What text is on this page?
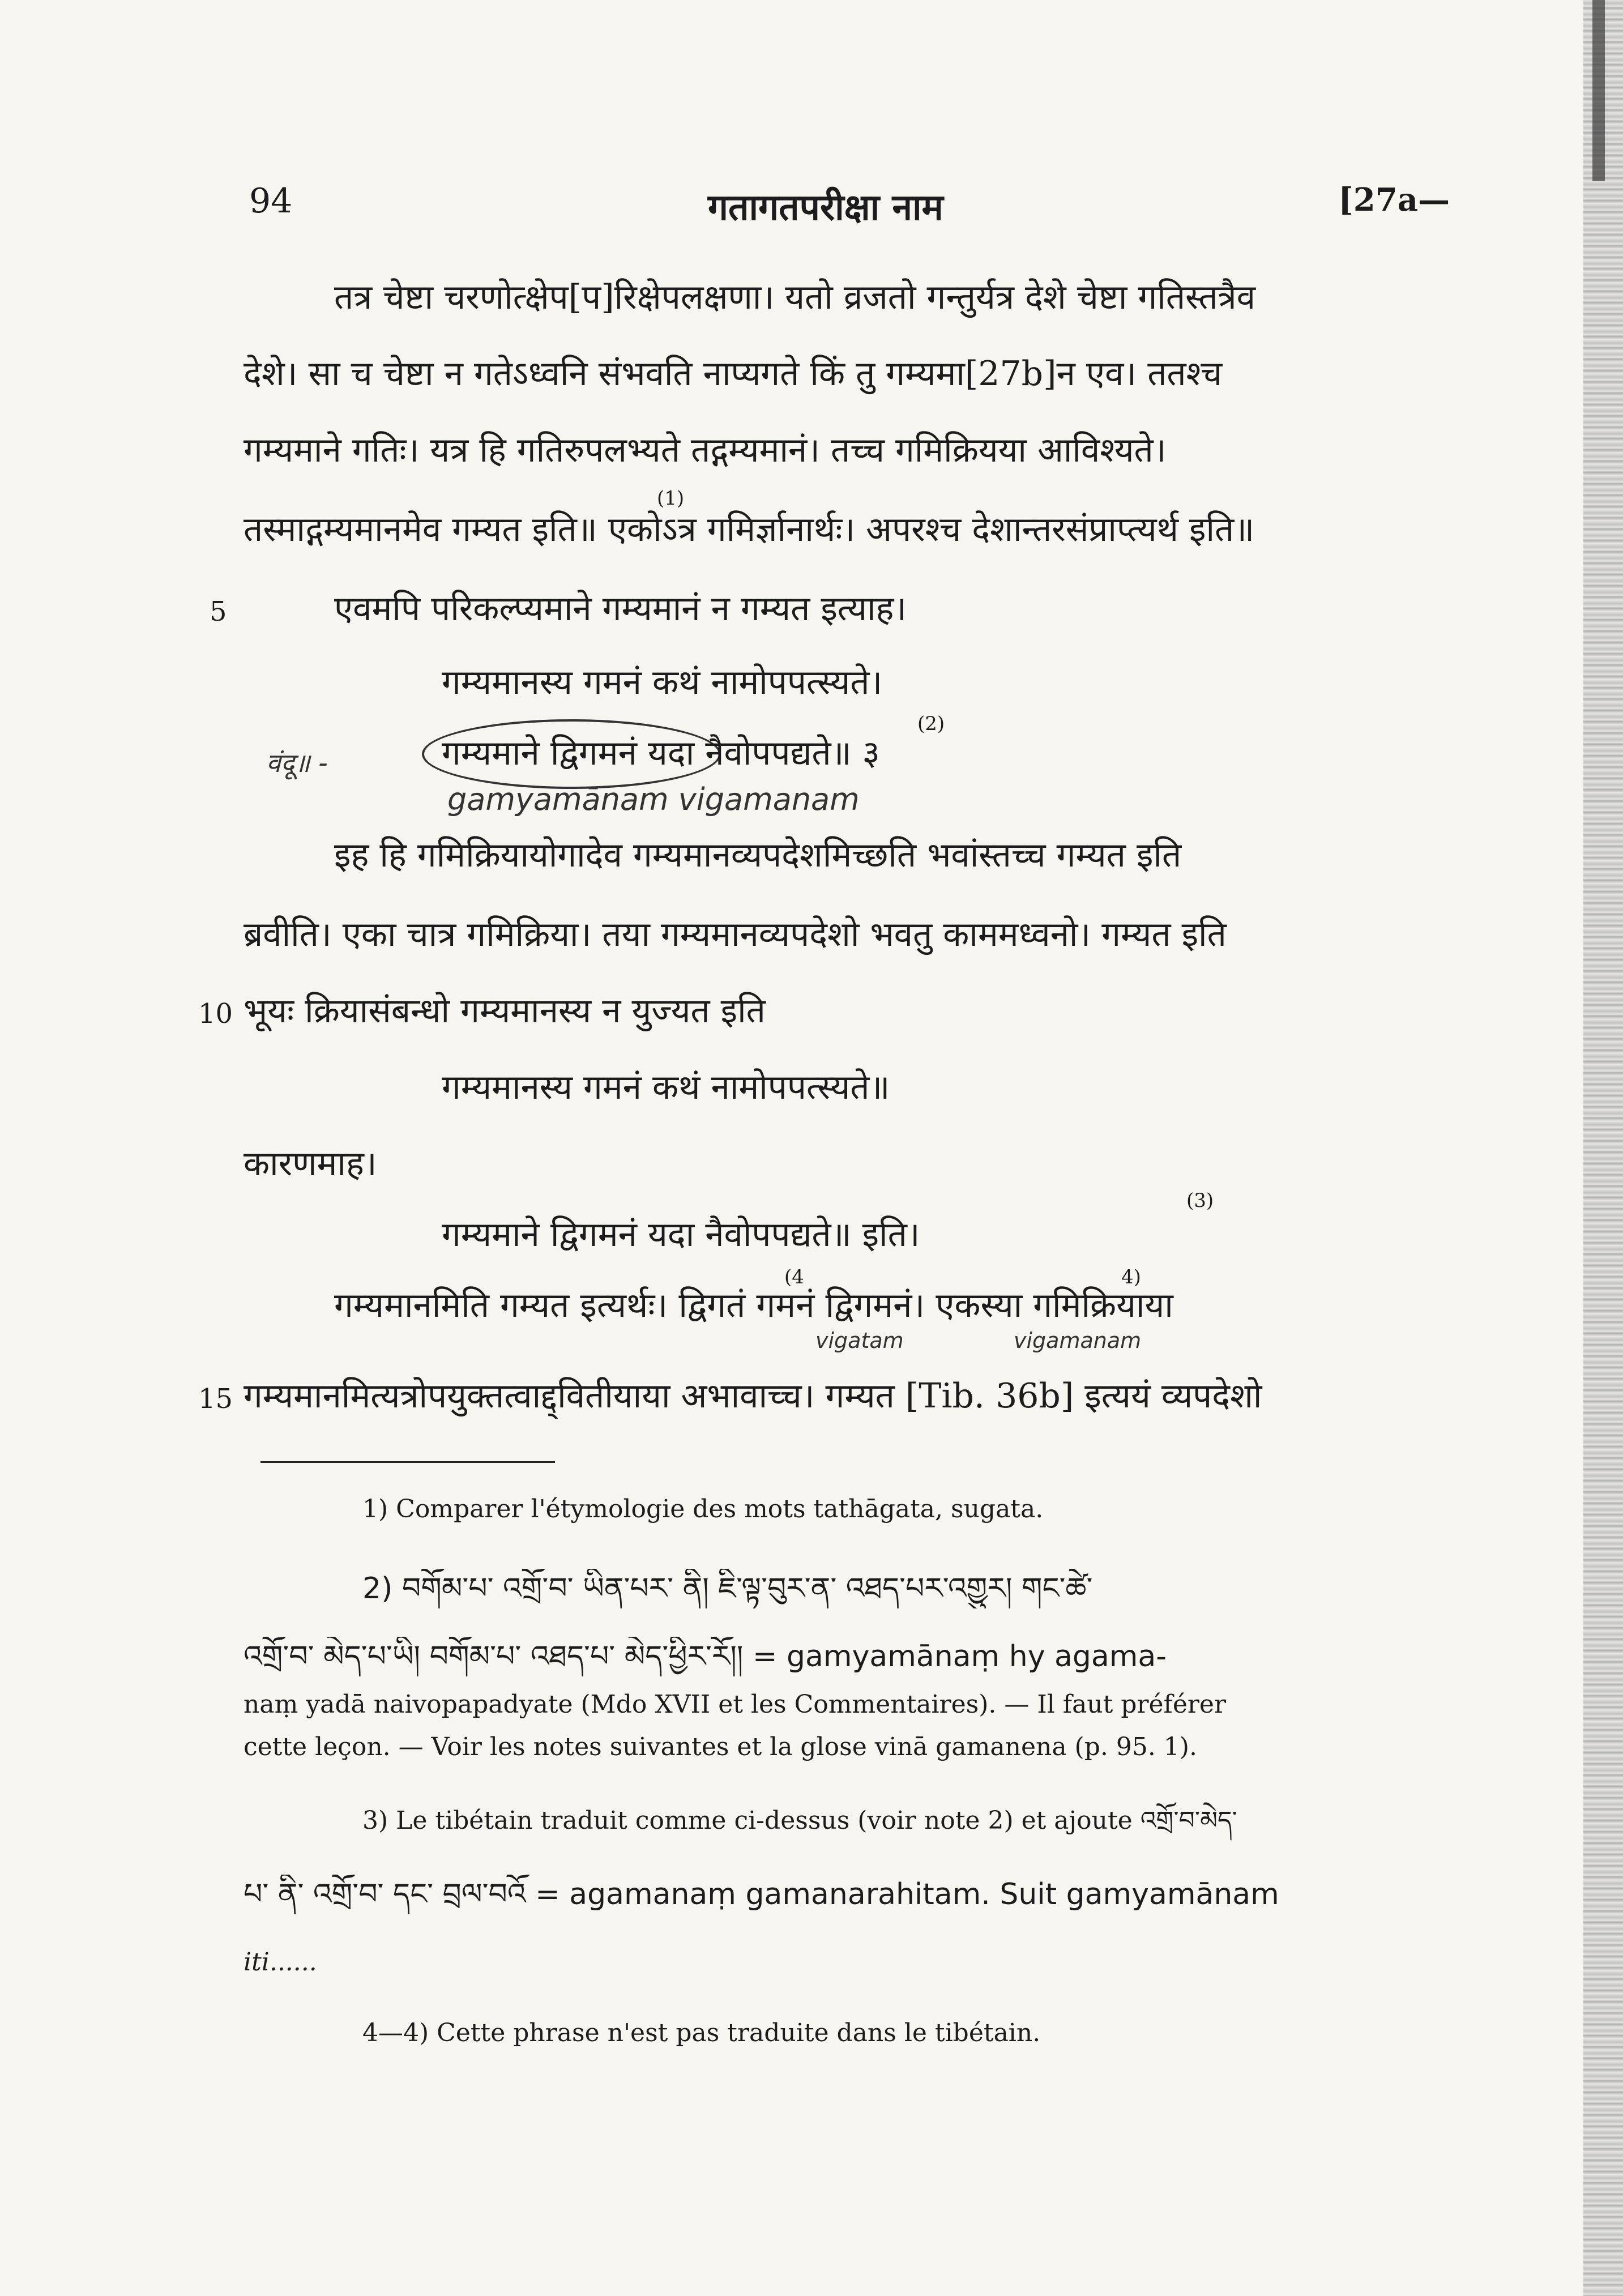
94	गतागतपरीक्षा नाम	[27a—
तत्र चेष्टा चरणोत्क्षेप[प]रिक्षेपलक्षणा। यतो व्रजतो गन्तुर्यत्र देशे चेष्टा गतिस्तत्रैव
देशे। सा च चेष्टा न गतेऽध्वनि संभवति नाप्यगते किं तु गम्यमा[27b]न एव। ततश्च
गम्यमाने गतिः। यत्र हि गतिरुपलभ्यते तद्गम्यमानं। तच्च गमिक्रियया आविश्यते।
(1)
तस्माद्गम्यमानमेव गम्यत इति॥ एकोऽत्र गमिर्ज्ञानार्थः। अपरश्च देशान्तरसंप्राप्त्यर्थ इति॥
5	एवमपि परिकल्प्यमाने गम्यमानं न गम्यत इत्याह।
गम्यमानस्य गमनं कथं नामोपपत्स्यते।
वंदू॥ -
(2)
गम्यमाने द्विगमनं यदा नैवोपपद्यते॥ ३
gamyamānam vigamanam
इह हि गमिक्रियायोगादेव गम्यमानव्यपदेशमिच्छति भवांस्तच्च गम्यत इति
ब्रवीति। एका चात्र गमिक्रिया। तया गम्यमानव्यपदेशो भवतु काममध्वनो। गम्यत इति
10 भूयः क्रियासंबन्धो गम्यमानस्य न युज्यत इति
गम्यमानस्य गमनं कथं नामोपपत्स्यते॥
कारणमाह।
(3)
गम्यमाने द्विगमनं यदा नैवोपपद्यते॥ इति।
(4	4)
गम्यमानमिति गम्यत इत्यर्थः। द्विगतं गमनं द्विगमनं। एकस्या गमिक्रियाया
vigatam	vigamanam
15 गम्यमानमित्यत्रोपयुक्तत्वाद्द्वितीयाया अभावाच्च। गम्यत [Tib. 36b] इत्ययं व्यपदेशो
1) Comparer l'étymologie des mots tathāgata, sugata.
2) བགོམ་པ་ འགྲོ་བ་ ཡིན་པར་ ནི། ཇི་ལྟ་བུར་ན་ འཐད་པར་འགྱུར། གང་ཚེ་
འགྲོ་བ་ མེད་པ་ཡི། བགོམ་པ་ འཐད་པ་ མེད་ཕྱིར་རོ།། = gamyamānaṃ hy agama-
naṃ yadā naivopapadyate (Mdo XVII et les Commentaires). — Il faut préférer
cette leçon. — Voir les notes suivantes et la glose vinā gamanena (p. 95. 1).
3) Le tibétain traduit comme ci-dessus (voir note 2) et ajoute འགྲོ་བ་མེད་
པ་ ནི་ འགྲོ་བ་ དང་ བྲལ་བའོ = agamanaṃ gamanarahitam. Suit gamyamānam
iti......
4—4) Cette phrase n'est pas traduite dans le tibétain.
